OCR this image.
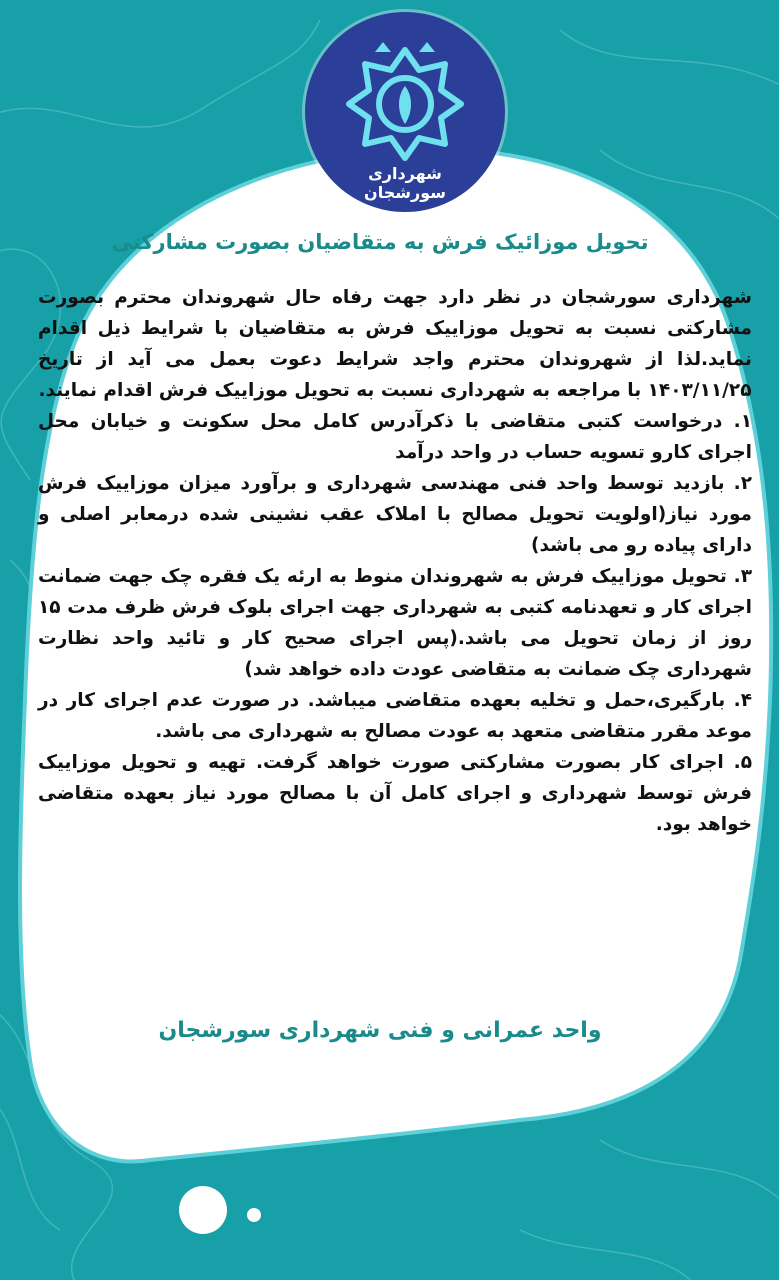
شهرداری سورشجان
تحویل موزائیک فرش به متقاضیان بصورت مشارکتی

شهرداری سورشجان در نظر دارد جهت رفاه حال شهروندان محترم بصورت مشارکتی نسبت به تحویل موزاییک فرش به متقاضیان با شرایط ذیل اقدام نماید.لذا از شهروندان محترم واجد شرایط دعوت بعمل می آید از تاریخ ۱۴۰۳/۱۱/۲۵ با مراجعه به شهرداری نسبت به تحویل موزاییک فرش اقدام نمایند.

۱. درخواست کتبی متقاضی با ذکرآدرس کامل محل سکونت و خیابان محل اجرای کارو تسویه حساب در واحد درآمد

۲. بازدید توسط واحد فنی مهندسی شهرداری و برآورد میزان موزاییک فرش مورد نیاز(اولویت تحویل مصالح با املاک عقب نشینی شده درمعابر اصلی و دارای پیاده رو می باشد)

۳. تحویل موزاییک فرش به شهروندان منوط به ارئه یک فقره چک جهت ضمانت اجرای کار و تعهدنامه کتبی به شهرداری جهت اجرای بلوک فرش ظرف مدت ۱۵ روز از زمان تحویل می باشد.(پس اجرای صحیح کار و تائید واحد نظارت شهرداری چک ضمانت به متقاضی عودت داده خواهد شد)

۴. بارگیری،حمل و تخلیه بعهده متقاضی میباشد. در صورت عدم اجرای کار در موعد مقرر متقاضی متعهد به عودت مصالح به شهرداری می باشد.

۵. اجرای کار بصورت مشارکتی صورت خواهد گرفت. تهیه و تحویل موزاییک فرش توسط شهرداری و اجرای کامل آن با مصالح مورد نیاز بعهده متقاضی خواهد بود.

واحد عمرانی و فنی شهرداری سورشجان
